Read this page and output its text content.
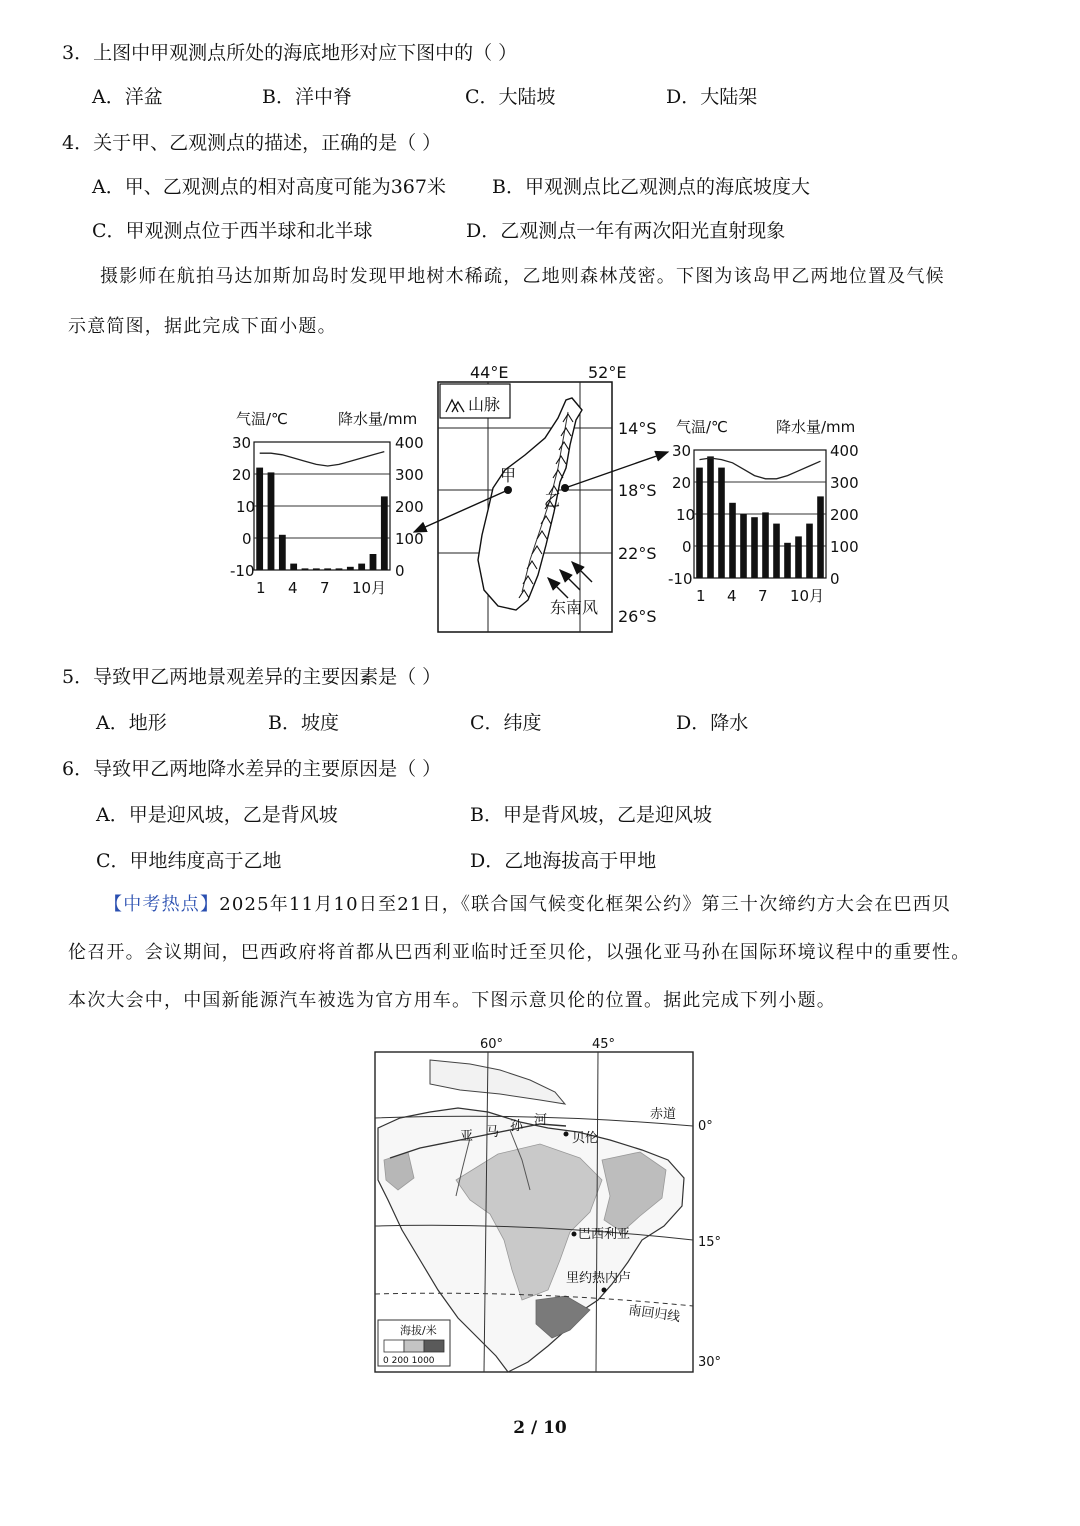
3．上图中甲观测点所处的海底地形对应下图中的（ ）
A．洋盆	B．洋中脊	C．大陆坡	D．大陆架
4．关于甲、乙观测点的描述，正确的是（ ）
A．甲、乙观测点的相对高度可能为367米 B．甲观测点比乙观测点的海底坡度大
C．甲观测点位于西半球和北半球	D．乙观测点一年有两次阳光直射现象
摄影师在航拍马达加斯加岛时发现甲地树木稀疏，乙地则森林茂密。下图为该岛甲乙两地位置及气候
示意简图，据此完成下面小题。
气温/℃	降水量/mm
30
20
10
0
-10
400
300
200
100
0
1 4 7 10月
44°E	52°E
山脉
甲
乙
东南风
14°S
18°S
22°S
26°S
气温/℃	降水量/mm
30
20
10
0
-10
400
300
200
100
0
1 4 7 10月
5．导致甲乙两地景观差异的主要因素是（ ）
A．地形	B．坡度	C．纬度	D．降水
6．导致甲乙两地降水差异的主要原因是（ ）
A．甲是迎风坡，乙是背风坡	B．甲是背风坡，乙是迎风坡
C．甲地纬度高于乙地	D．乙地海拔高于甲地
【中考热点】2025年11月10日至21日，《联合国气候变化框架公约》第三十次缔约方大会在巴西贝
伦召开。会议期间，巴西政府将首都从巴西利亚临时迁至贝伦，以强化亚马孙在国际环境议程中的重要性。
本次大会中，中国新能源汽车被选为官方用车。下图示意贝伦的位置。据此完成下列小题。
60°	45°
赤道
0°
15°
30°
南回归线
亚 马 孙 河
贝伦
巴西利亚
里约热内卢
海拔/米
0 200 1000
2 / 10
